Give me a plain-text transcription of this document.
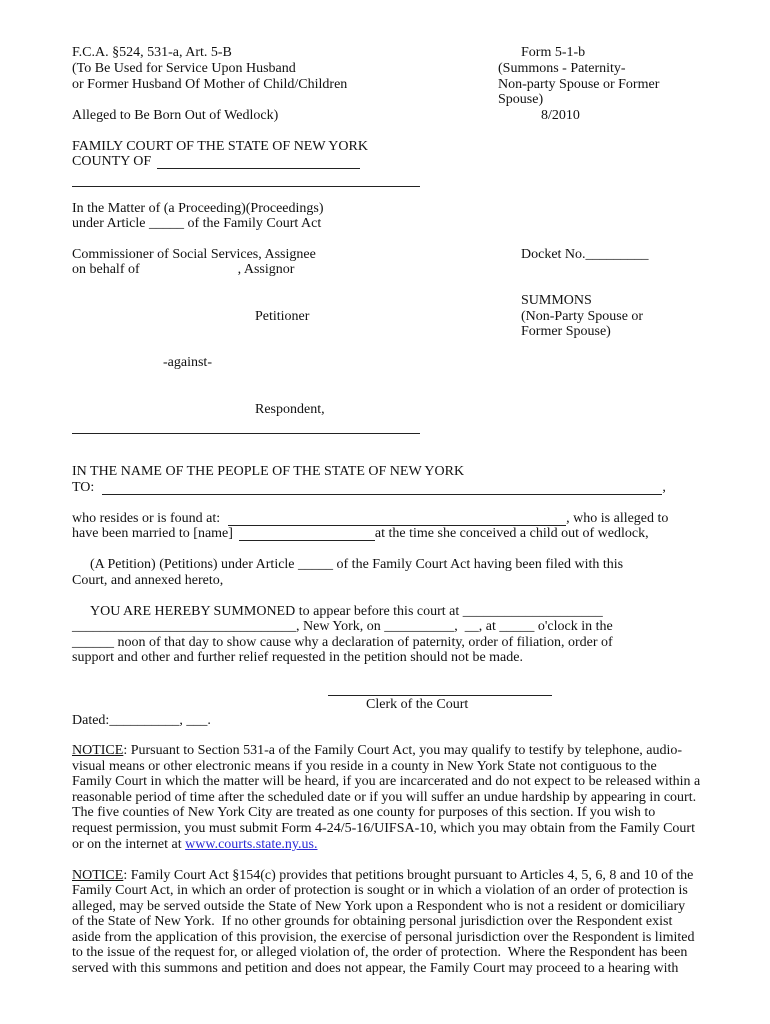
F.C.A. §524, 531-a, Art. 5-B
(To Be Used for Service Upon Husband
or Former Husband Of Mother of Child/Children
Alleged to Be Born Out of Wedlock)
Form 5-1-b
(Summons - Paternity-
Non-party Spouse or Former
Spouse)
8/2010
FAMILY COURT OF THE STATE OF NEW YORK
COUNTY OF
In the Matter of (a Proceeding)(Proceedings)
under Article _____ of the Family Court Act
Commissioner of Social Services, Assignee
on behalf of                            , Assignor
Docket No._________
SUMMONS
(Non-Party Spouse or
Former Spouse)
Petitioner
-against-
Respondent,
IN THE NAME OF THE PEOPLE OF THE STATE OF NEW YORK
TO:	,
who resides or is found at:	, who is alleged to
have been married to [name]	at the time she conceived a child out of wedlock,
(A Petition) (Petitions) under Article _____ of the Family Court Act having been filed with this
Court, and annexed hereto,
YOU ARE HEREBY SUMMONED to appear before this court at ____________________
________________________________, New York, on __________,  __, at _____ o'clock in the
______ noon of that day to show cause why a declaration of paternity, order of filiation, order of
support and other and further relief requested in the petition should not be made.
Clerk of the Court
Dated:__________, ___.
NOTICE: Pursuant to Section 531-a of the Family Court Act, you may qualify to testify by telephone, audio-
visual means or other electronic means if you reside in a county in New York State not contiguous to the
Family Court in which the matter will be heard, if you are incarcerated and do not expect to be released within a
reasonable period of time after the scheduled date or if you will suffer an undue hardship by appearing in court.
The five counties of New York City are treated as one county for purposes of this section. If you wish to
request permission, you must submit Form 4-24/5-16/UIFSA-10, which you may obtain from the Family Court
or on the internet at www.courts.state.ny.us.
NOTICE: Family Court Act §154(c) provides that petitions brought pursuant to Articles 4, 5, 6, 8 and 10 of the
Family Court Act, in which an order of protection is sought or in which a violation of an order of protection is
alleged, may be served outside the State of New York upon a Respondent who is not a resident or domiciliary
of the State of New York.  If no other grounds for obtaining personal jurisdiction over the Respondent exist
aside from the application of this provision, the exercise of personal jurisdiction over the Respondent is limited
to the issue of the request for, or alleged violation of, the order of protection.  Where the Respondent has been
served with this summons and petition and does not appear, the Family Court may proceed to a hearing with
